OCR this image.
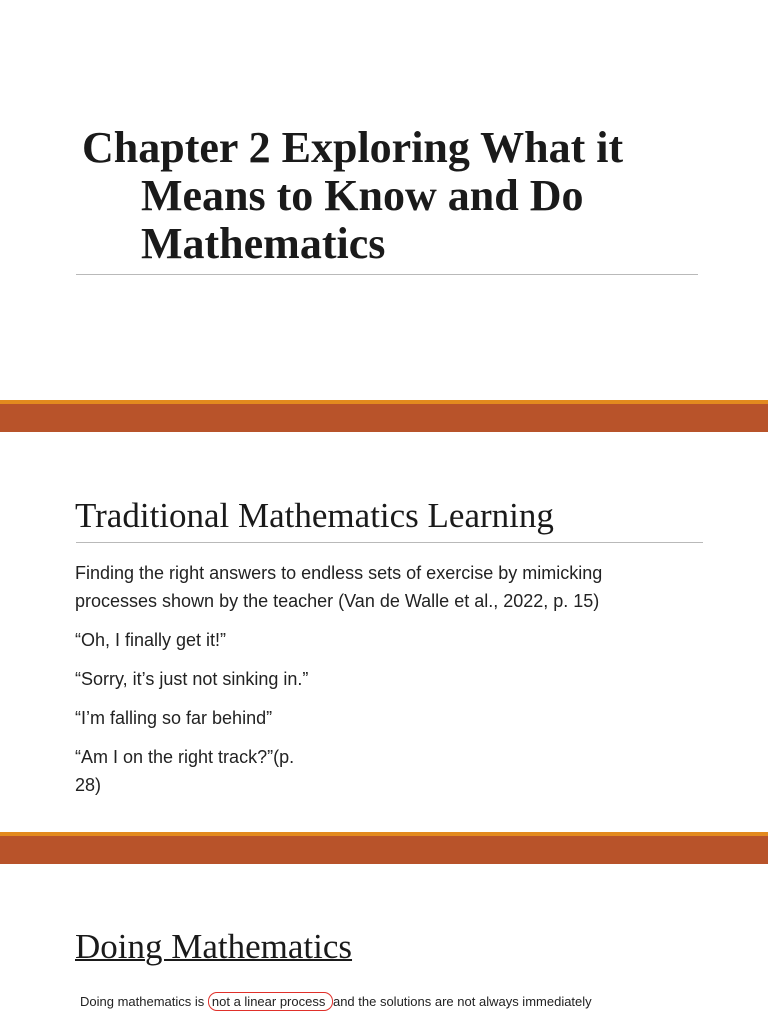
Chapter 2 Exploring What it
Means to Know and Do
Mathematics
Traditional Mathematics Learning

Finding the right answers to endless sets of exercise by mimicking processes shown by the teacher (Van de Walle et al., 2022, p. 15)

“Oh, I finally get it!”

“Sorry, it’s just not sinking in.”

“I’m falling so far behind”

“Am I on the right track?”(p. 28)

Doing Mathematics
Doing mathematics is not a linear process and the solutions are not always immediately
